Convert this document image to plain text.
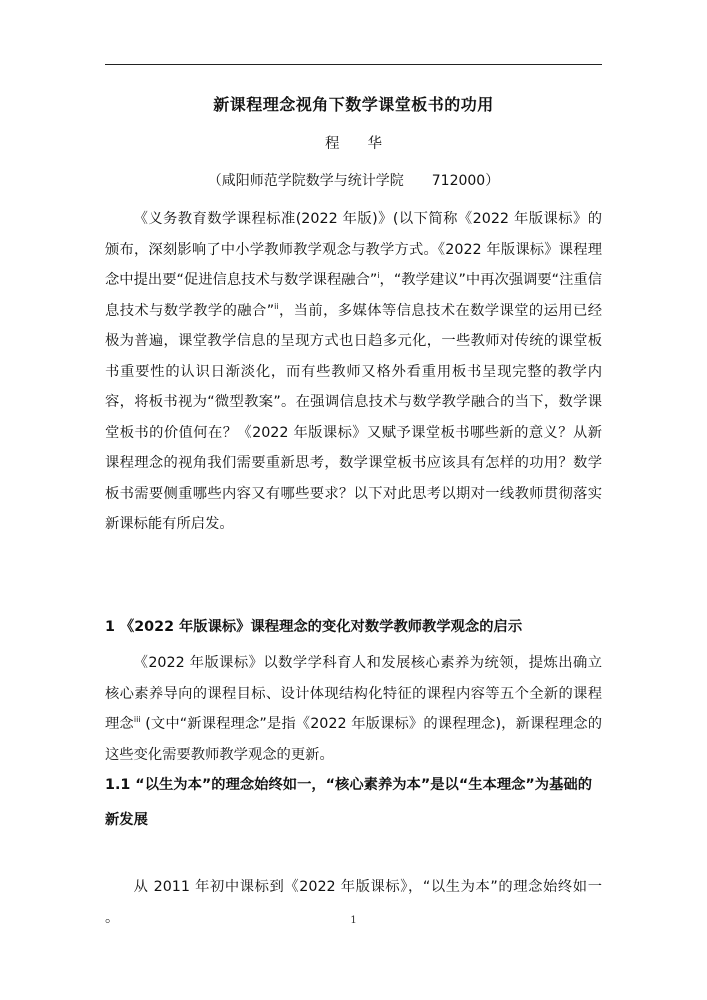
新课程理念视角下数学课堂板书的功用
程 华
（咸阳师范学院数学与统计学院 712000）

《义务教育数学课程标准(2022 年版)》(以下简称《2022 年版课标》的颁布，深刻影响了中小学教师教学观念与教学方式。《2022 年版课标》课程理念中提出要“促进信息技术与数学课程融合”$^i$，“教学建议”中再次强调要“注重信息技术与数学教学的融合”$^{ii}$，当前，多媒体等信息技术在数学课堂的运用已经极为普遍，课堂教学信息的呈现方式也日趋多元化，一些教师对传统的课堂板书重要性的认识日渐淡化，而有些教师又格外看重用板书呈现完整的教学内容，将板书视为“微型教案”。在强调信息技术与数学教学融合的当下，数学课堂板书的价值何在？《2022 年版课标》又赋予课堂板书哪些新的意义？从新课程理念的视角我们需要重新思考，数学课堂板书应该具有怎样的功用？数学板书需要侧重哪些内容又有哪些要求？以下对此思考以期对一线教师贯彻落实新课标能有所启发。

1 《2022 年版课标》课程理念的变化对数学教师教学观念的启示

《2022 年版课标》以数学学科育人和发展核心素养为统领，提炼出确立核心素养导向的课程目标、设计体现结构化特征的课程内容等五个全新的课程理念$^{iii}$ (文中“新课程理念”是指《2022 年版课标》的课程理念)，新课程理念的这些变化需要教师教学观念的更新。

1.1 “以生为本”的理念始终如一，“核心素养为本”是以“生本理念”为基础的新发展

从 2011 年初中课标到《2022 年版课标》，“以生为本”的理念始终如一 。	1
